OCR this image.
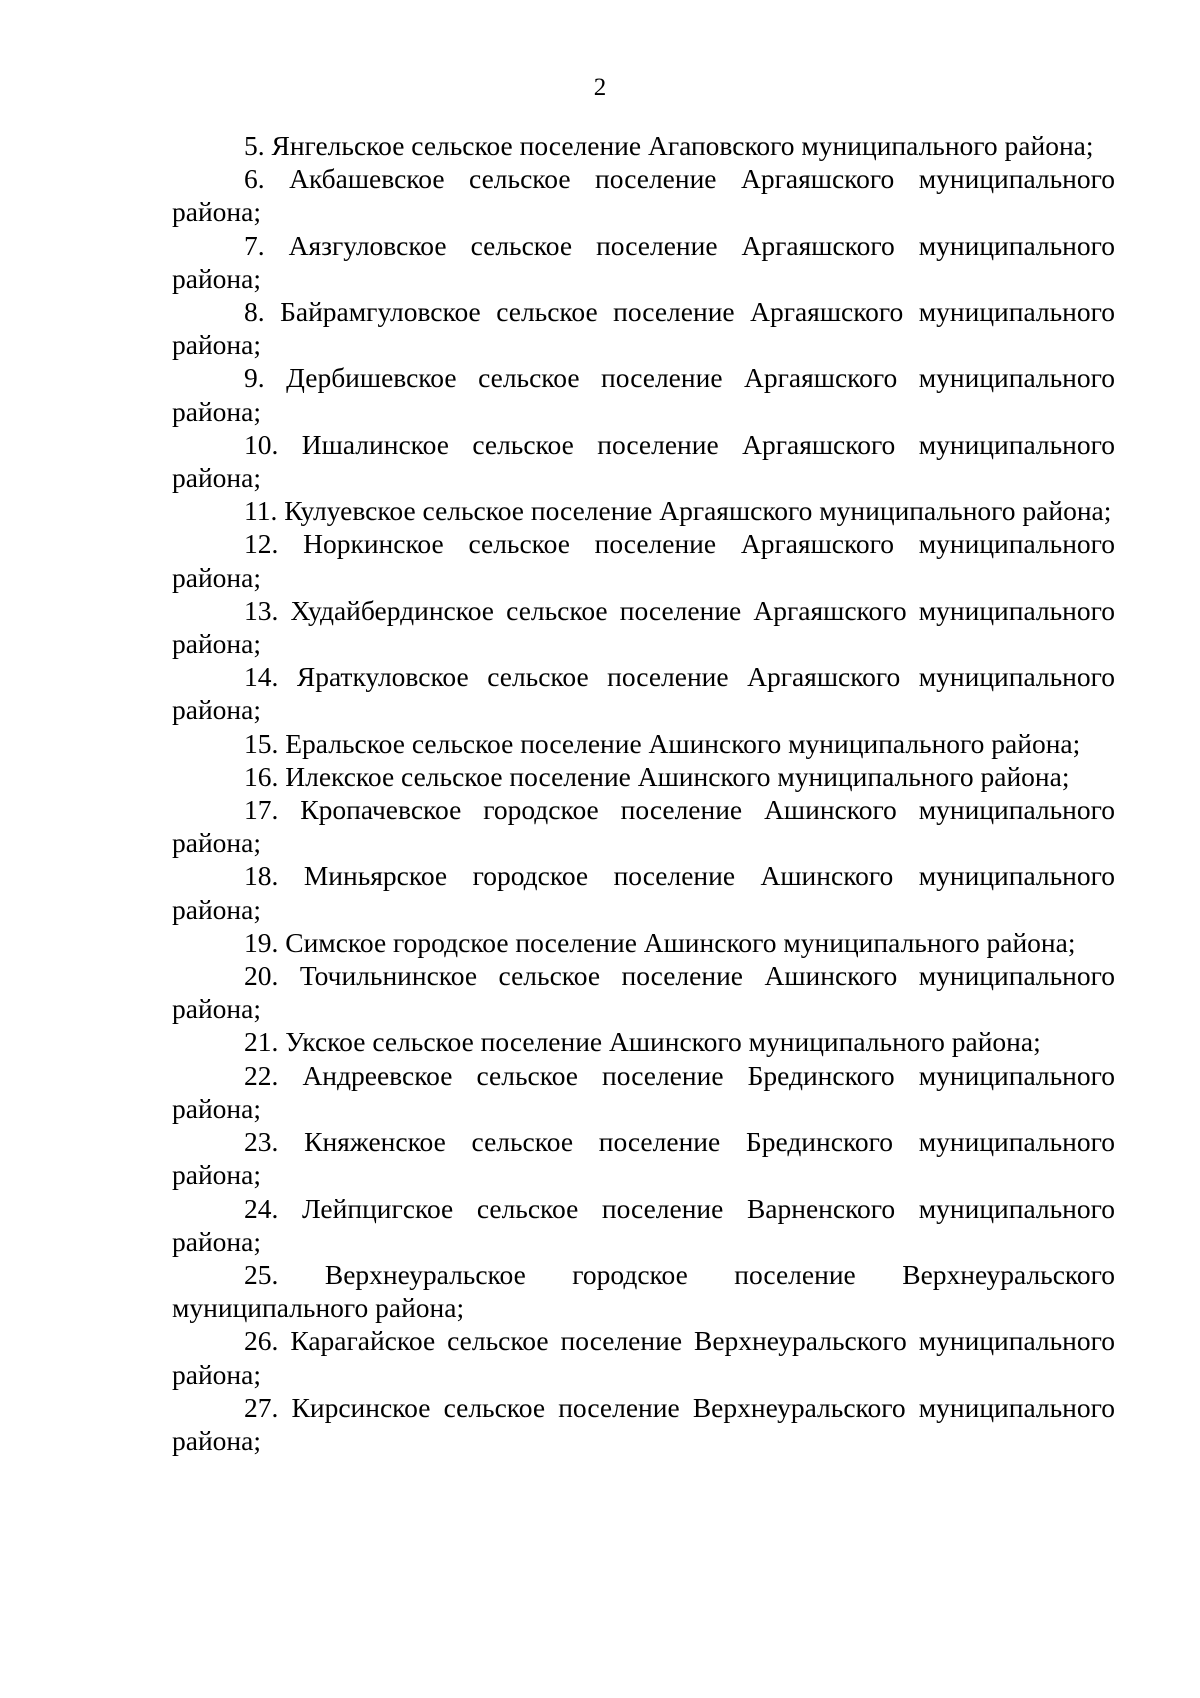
2

5. Янгельское сельское поселение Агаповского муниципального района;

6. Акбашевское сельское поселение Аргаяшского муниципального района;

7. Аязгуловское сельское поселение Аргаяшского муниципального района;

8. Байрамгуловское сельское поселение Аргаяшского муниципального района;

9. Дербишевское сельское поселение Аргаяшского муниципального района;

10. Ишалинское сельское поселение Аргаяшского муниципального района;

11. Кулуевское сельское поселение Аргаяшского муниципального района;

12. Норкинское сельское поселение Аргаяшского муниципального района;

13. Худайбердинское сельское поселение Аргаяшского муниципального района;

14. Яраткуловское сельское поселение Аргаяшского муниципального района;

15. Еральское сельское поселение Ашинского муниципального района;

16. Илекское сельское поселение Ашинского муниципального района;

17. Кропачевское городское поселение Ашинского муниципального района;

18. Миньярское городское поселение Ашинского муниципального района;

19. Симское городское поселение Ашинского муниципального района;

20. Точильнинское сельское поселение Ашинского муниципального района;

21. Укское сельское поселение Ашинского муниципального района;

22. Андреевское сельское поселение Брединского муниципального района;

23. Княженское сельское поселение Брединского муниципального района;

24. Лейпцигское сельское поселение Варненского муниципального района;

25. Верхнеуральское городское поселение Верхнеуральского муниципального района;

26. Карагайское сельское поселение Верхнеуральского муниципального района;

27. Кирсинское сельское поселение Верхнеуральского муниципального района;
